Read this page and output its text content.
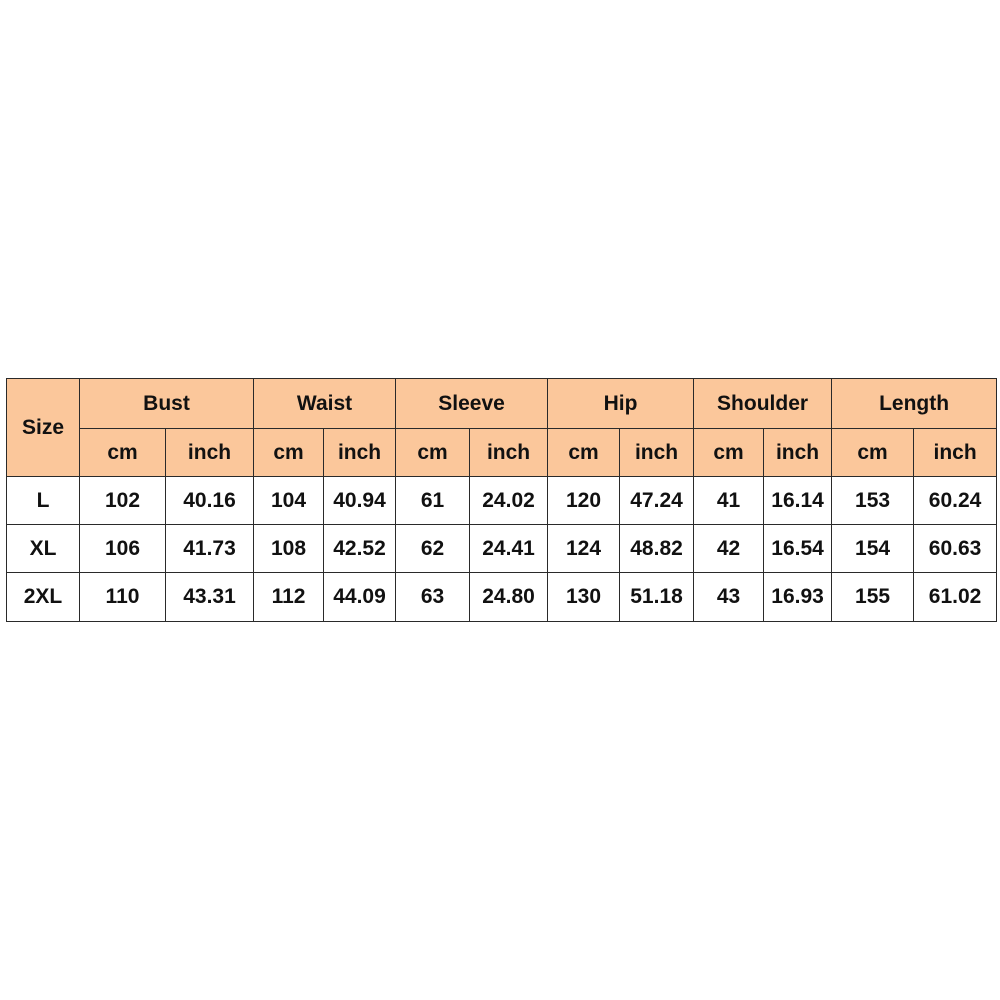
Size	Bust		Waist		Sleeve		Hip		Shoulder		Length	
	cm	inch	cm	inch	cm	inch	cm	inch	cm	inch	cm	inch
L	102	40.16	104	40.94	61	24.02	120	47.24	41	16.14	153	60.24
XL	106	41.73	108	42.52	62	24.41	124	48.82	42	16.54	154	60.63
2XL	110	43.31	112	44.09	63	24.80	130	51.18	43	16.93	155	61.02
